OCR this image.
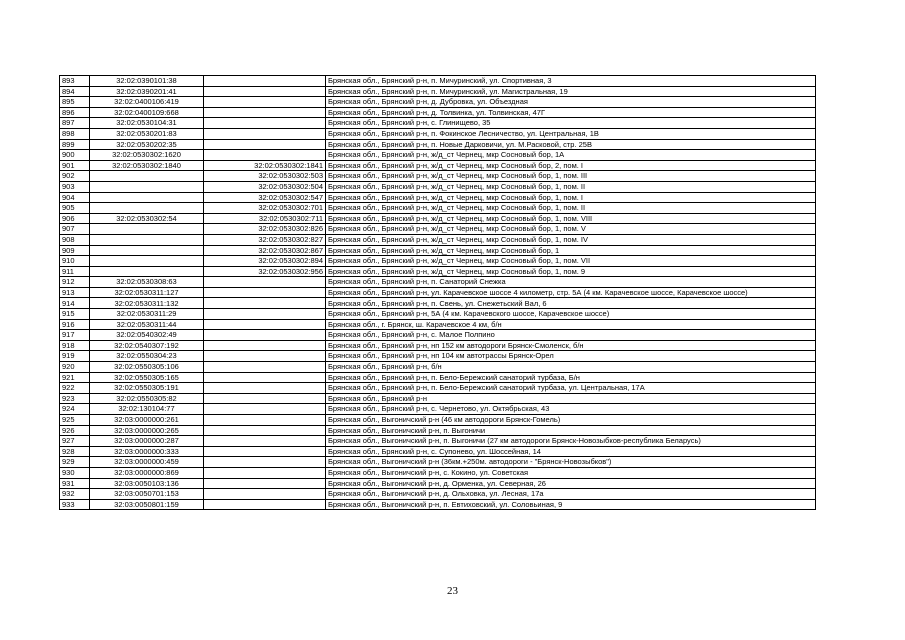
893	32:02:0390101:38		Брянская обл., Брянский р-н, п. Мичуринский, ул. Спортивная, 3
894	32:02:0390201:41		Брянская обл., Брянский р-н, п. Мичуринский, ул. Магистральная, 19
895	32:02:0400106:419		Брянская обл., Брянский р-н, д. Дубровка, ул. Объездная
896	32:02:0400109:668		Брянская обл., Брянский р-н, д. Толвинка, ул. Толвинская, 47Г
897	32:02:0530104:31		Брянская обл., Брянский р-н, с. Глинищево, 35
898	32:02:0530201:83		Брянская обл., Брянский р-н, п. Фокинское Лесничество, ул. Центральная, 1В
899	32:02:0530202:35		Брянская обл., Брянский р-н, п. Новые Дарковичи, ул. М.Расковой, стр. 25В
900	32:02:0530302:1620		Брянская обл., Брянский р-н, ж/д_ст Чернец, мкр Сосновый бор, 1А
901	32:02:0530302:1840	32:02:0530302:1841	Брянская обл., Брянский р-н, ж/д_ст Чернец, мкр Сосновый бор, 2, пом. I
902		32:02:0530302:503	Брянская обл., Брянский р-н, ж/д_ст Чернец, мкр Сосновый бор, 1, пом. III
903		32:02:0530302:504	Брянская обл., Брянский р-н, ж/д_ст Чернец, мкр Сосновый бор, 1, пом. II
904		32:02:0530302:547	Брянская обл., Брянский р-н, ж/д_ст Чернец, мкр Сосновый бор, 1, пом. I
905		32:02:0530302:701	Брянская обл., Брянский р-н, ж/д_ст Чернец, мкр Сосновый бор, 1, пом. II
906	32:02:0530302:54	32:02:0530302:711	Брянская обл., Брянский р-н, ж/д_ст Чернец, мкр Сосновый бор, 1, пом. VIII
907		32:02:0530302:826	Брянская обл., Брянский р-н, ж/д_ст Чернец, мкр Сосновый бор, 1, пом. V
908		32:02:0530302:827	Брянская обл., Брянский р-н, ж/д_ст Чернец, мкр Сосновый бор, 1, пом. IV
909		32:02:0530302:867	Брянская обл., Брянский р-н, ж/д_ст Чернец, мкр Сосновый бор, 1
910		32:02:0530302:894	Брянская обл., Брянский р-н, ж/д_ст Чернец, мкр Сосновый бор, 1, пом. VII
911		32:02:0530302:956	Брянская обл., Брянский р-н, ж/д_ст Чернец, мкр Сосновый бор, 1, пом. 9
912	32:02:0530308:63		Брянская обл., Брянский р-н, п. Санаторий Снежка
913	32:02:0530311:127		Брянская обл., Брянский р-н, ул. Карачевское шоссе 4 километр, стр. 5А (4 км. Карачевское шоссе, Карачевское шоссе)
914	32:02:0530311:132		Брянская обл., Брянский р-н, п. Свень, ул. Снежетьский Вал, 6
915	32:02:0530311:29		Брянская обл., Брянский р-н, 5А (4 км. Карачевского шоссе, Карачевское шоссе)
916	32:02:0530311:44		Брянская обл., г. Брянск, ш. Карачевское 4 км, б/н
917	32:02:0540302:49		Брянская обл., Брянский р-н, с. Малое Полпино
918	32:02:0540307:192		Брянская обл., Брянский р-н, нп 152 км автодороги Брянск-Смоленск, б/н
919	32:02:0550304:23		Брянская обл., Брянский р-н, нп 104 км автотрассы Брянск-Орел
920	32:02:0550305:106		Брянская обл., Брянский р-н, б/н
921	32:02:0550305:165		Брянская обл., Брянский р-н, п. Бело-Бережский санаторий турбаза, Б/н
922	32:02:0550305:191		Брянская обл., Брянский р-н, п. Бело-Бережский санаторий турбаза, ул. Центральная, 17А
923	32:02:0550305:82		Брянская обл., Брянский р-н
924	32:02:130104:77		Брянская обл., Брянский р-н, с. Чернетово, ул. Октябрьская, 43
925	32:03:0000000:261		Брянская обл., Выгоничский р-н (46 км автодороги Брянск-Гомель)
926	32:03:0000000:265		Брянская обл., Выгоничский р-н, п. Выгоничи
927	32:03:0000000:287		Брянская обл., Выгоничский р-н, п. Выгоничи (27 км автодороги Брянск-Новозыбков-республика Беларусь)
928	32:03:0000000:333		Брянская обл., Брянский р-н, с. Супонево, ул. Шоссейная, 14
929	32:03:0000000:459		Брянская обл., Выгоничский р-н (36км.+250м. автодороги - "Брянск-Новозыбков")
930	32:03:0000000:869		Брянская обл., Выгоничский р-н, с. Кокино, ул. Советская
931	32:03:0050103:136		Брянская обл., Выгоничский р-н, д. Орменка, ул. Северная, 26
932	32:03:0050701:153		Брянская обл., Выгоничский р-н, д. Ольховка, ул. Лесная, 17а
933	32:03:0050801:159		Брянская обл., Выгоничский р-н, п. Евтиховский, ул. Соловьиная, 9
23
